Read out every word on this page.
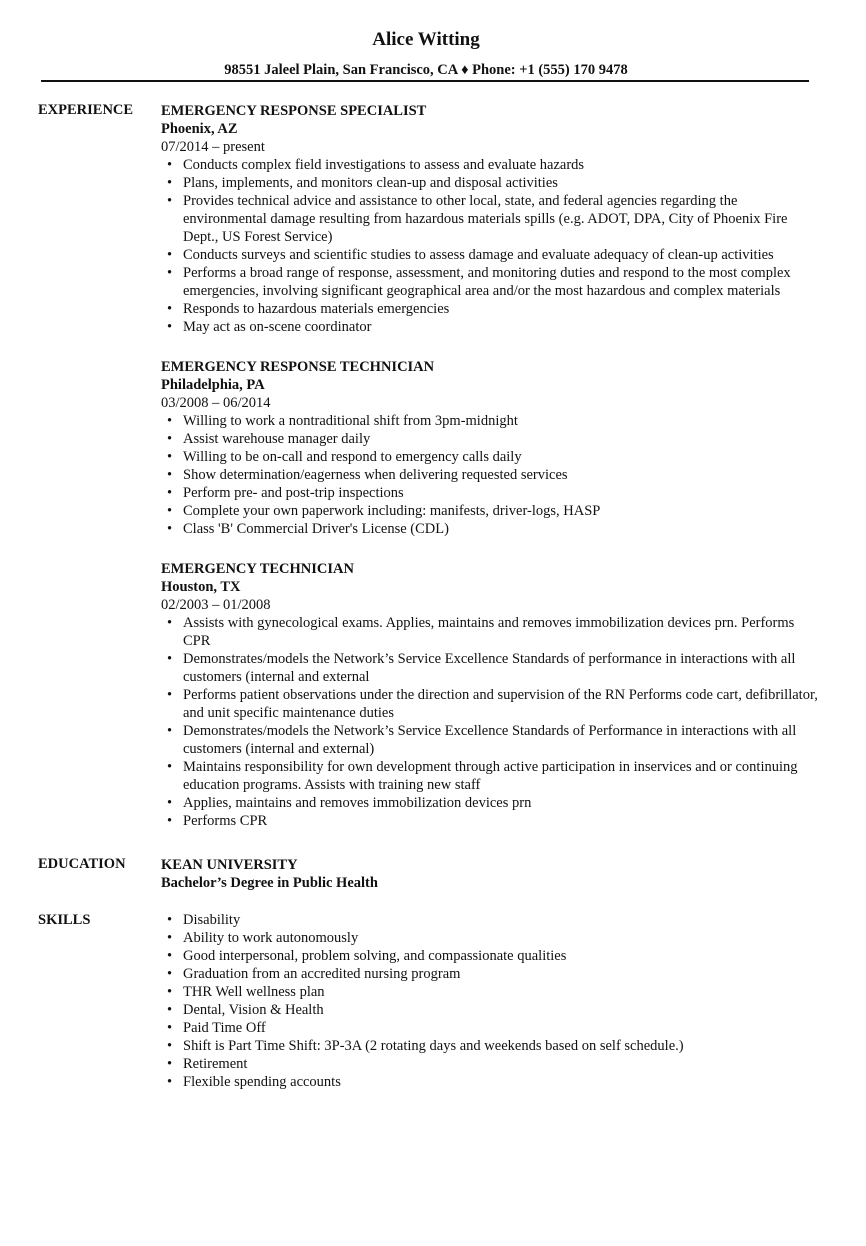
Alice Witting
98551 Jaleel Plain, San Francisco, CA ♦ Phone: +1 (555) 170 9478
EXPERIENCE EMERGENCY RESPONSE SPECIALIST
Phoenix, AZ
07/2014 – present
• Conducts complex field investigations to assess and evaluate hazards
• Plans, implements, and monitors clean-up and disposal activities
• Provides technical advice and assistance to other local, state, and federal agencies regarding the environmental damage resulting from hazardous materials spills (e.g. ADOT, DPA, City of Phoenix Fire Dept., US Forest Service)
• Conducts surveys and scientific studies to assess damage and evaluate adequacy of clean-up activities
• Performs a broad range of response, assessment, and monitoring duties and respond to the most complex emergencies, involving significant geographical area and/or the most hazardous and complex materials
• Responds to hazardous materials emergencies
• May act as on-scene coordinator
EMERGENCY RESPONSE TECHNICIAN
Philadelphia, PA
03/2008 – 06/2014
• Willing to work a nontraditional shift from 3pm-midnight
• Assist warehouse manager daily
• Willing to be on-call and respond to emergency calls daily
• Show determination/eagerness when delivering requested services
• Perform pre- and post-trip inspections
• Complete your own paperwork including: manifests, driver-logs, HASP
• Class 'B' Commercial Driver's License (CDL)
EMERGENCY TECHNICIAN
Houston, TX
02/2003 – 01/2008
• Assists with gynecological exams. Applies, maintains and removes immobilization devices prn. Performs CPR
• Demonstrates/models the Network’s Service Excellence Standards of performance in interactions with all customers (internal and external
• Performs patient observations under the direction and supervision of the RN Performs code cart, defibrillator, and unit specific maintenance duties
• Demonstrates/models the Network’s Service Excellence Standards of Performance in interactions with all customers (internal and external)
• Maintains responsibility for own development through active participation in inservices and or continuing education programs. Assists with training new staff
• Applies, maintains and removes immobilization devices prn
• Performs CPR
EDUCATION KEAN UNIVERSITY
Bachelor’s Degree in Public Health
SKILLS
•	Disability
• Ability to work autonomously
• Good interpersonal, problem solving, and compassionate qualities
• Graduation from an accredited nursing program
• THR Well wellness plan
• Dental, Vision & Health
• Paid Time Off
• Shift is Part Time Shift: 3P-3A (2 rotating days and weekends based on self schedule.)
• Retirement
• Flexible spending accounts
